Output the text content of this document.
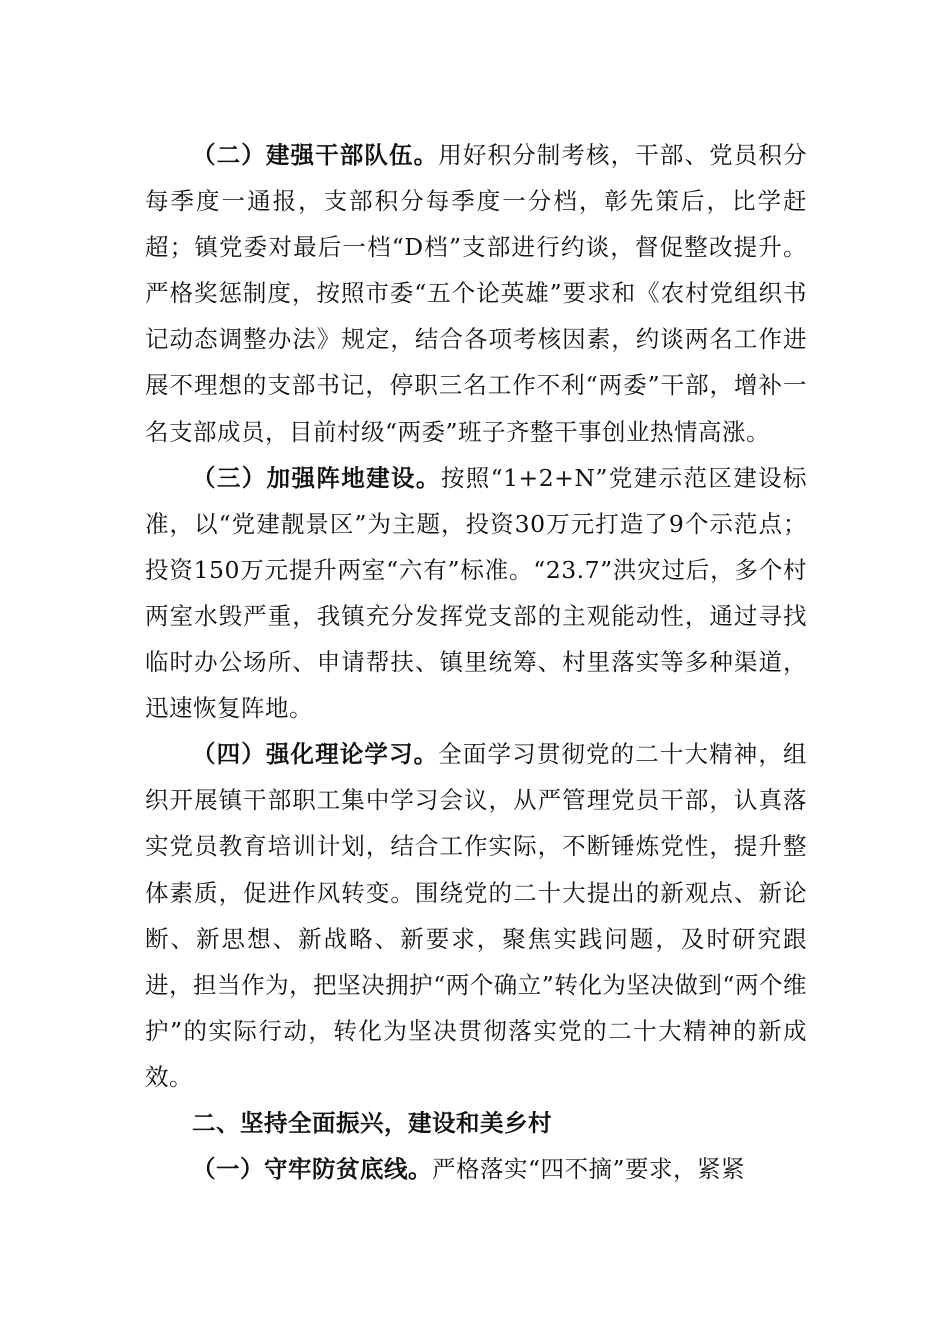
（二）建强干部队伍。用好积分制考核，干部、党员积分每季度一通报，支部积分每季度一分档，彰先策后，比学赶超；镇党委对最后一档“D档”支部进行约谈，督促整改提升。严格奖惩制度，按照市委“五个论英雄”要求和《农村党组织书记动态调整办法》规定，结合各项考核因素，约谈两名工作进展不理想的支部书记，停职三名工作不利“两委”干部，增补一名支部成员，目前村级“两委”班子齐整干事创业热情高涨。

（三）加强阵地建设。按照“1+2+N”党建示范区建设标准，以“党建靓景区”为主题，投资30万元打造了9个示范点；投资150万元提升两室“六有”标准。“23.7”洪灾过后，多个村两室水毁严重，我镇充分发挥党支部的主观能动性，通过寻找临时办公场所、申请帮扶、镇里统筹、村里落实等多种渠道，迅速恢复阵地。

（四）强化理论学习。全面学习贯彻党的二十大精神，组织开展镇干部职工集中学习会议，从严管理党员干部，认真落实党员教育培训计划，结合工作实际，不断锤炼党性，提升整体素质，促进作风转变。围绕党的二十大提出的新观点、新论断、新思想、新战略、新要求，聚焦实践问题，及时研究跟进，担当作为，把坚决拥护“两个确立”转化为坚决做到“两个维护”的实际行动，转化为坚决贯彻落实党的二十大精神的新成效。

二、坚持全面振兴，建设和美乡村

（一）守牢防贫底线。严格落实“四不摘”要求，紧紧
